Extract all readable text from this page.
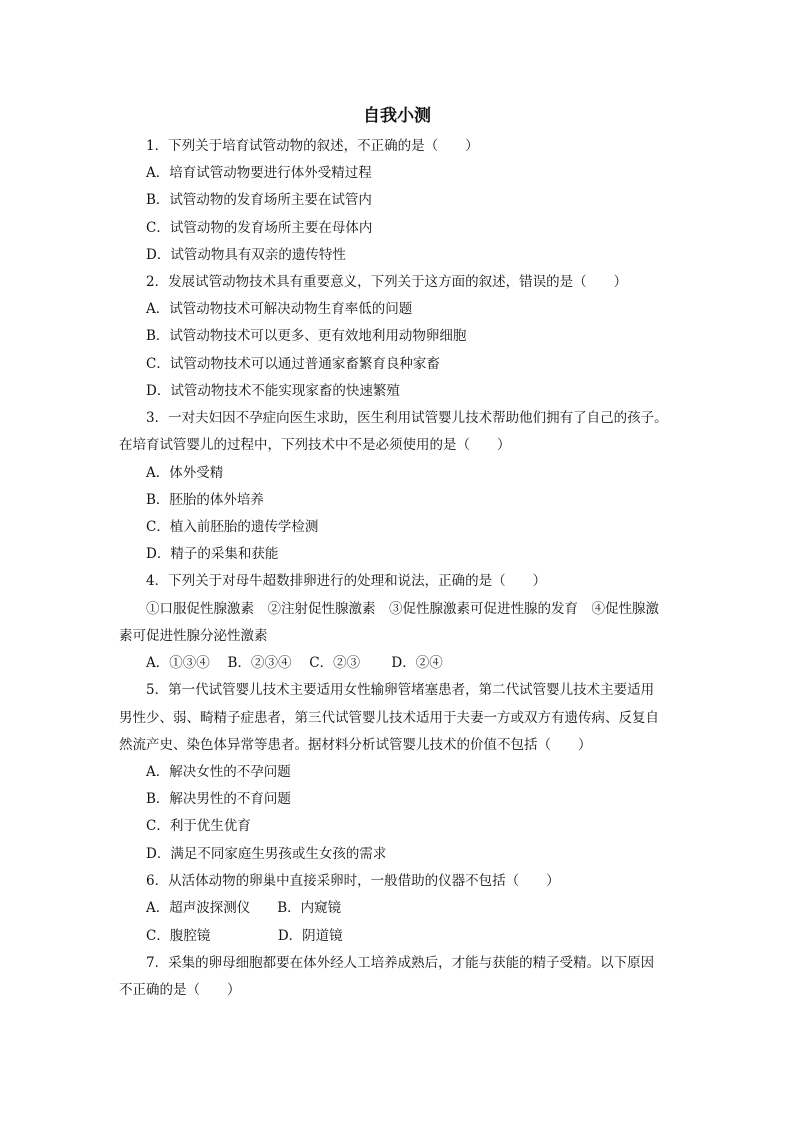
自我小测
1．下列关于培育试管动物的叙述，不正确的是（　　）
A．培育试管动物要进行体外受精过程
B．试管动物的发育场所主要在试管内
C．试管动物的发育场所主要在母体内
D．试管动物具有双亲的遗传特性
2．发展试管动物技术具有重要意义，下列关于这方面的叙述，错误的是（　　）
A．试管动物技术可解决动物生育率低的问题
B．试管动物技术可以更多、更有效地利用动物卵细胞
C．试管动物技术可以通过普通家畜繁育良种家畜
D．试管动物技术不能实现家畜的快速繁殖
3．一对夫妇因不孕症向医生求助，医生利用试管婴儿技术帮助他们拥有了自己的孩子。
在培育试管婴儿的过程中，下列技术中不是必须使用的是（　　）
A．体外受精
B．胚胎的体外培养
C．植入前胚胎的遗传学检测
D．精子的采集和获能
4．下列关于对母牛超数排卵进行的处理和说法，正确的是（　　）
①口服促性腺激素　②注射促性腺激素　③促性腺激素可促进性腺的发育　④促性腺激
素可促进性腺分泌性激素
A．①③④　 B．②③④　 C．②③　　 D．②④
5．第一代试管婴儿技术主要适用女性输卵管堵塞患者，第二代试管婴儿技术主要适用
男性少、弱、畸精子症患者，第三代试管婴儿技术适用于夫妻一方或双方有遗传病、反复自
然流产史、染色体异常等患者。据材料分析试管婴儿技术的价值不包括（　　）
A．解决女性的不孕问题
B．解决男性的不育问题
C．利于优生优育
D．满足不同家庭生男孩或生女孩的需求
6．从活体动物的卵巢中直接采卵时，一般借助的仪器不包括（　　）
A．超声波探测仪　　B．内窥镜
C．腹腔镜　　　　　D．阴道镜
7．采集的卵母细胞都要在体外经人工培养成熟后，才能与获能的精子受精。以下原因
不正确的是（　　）
